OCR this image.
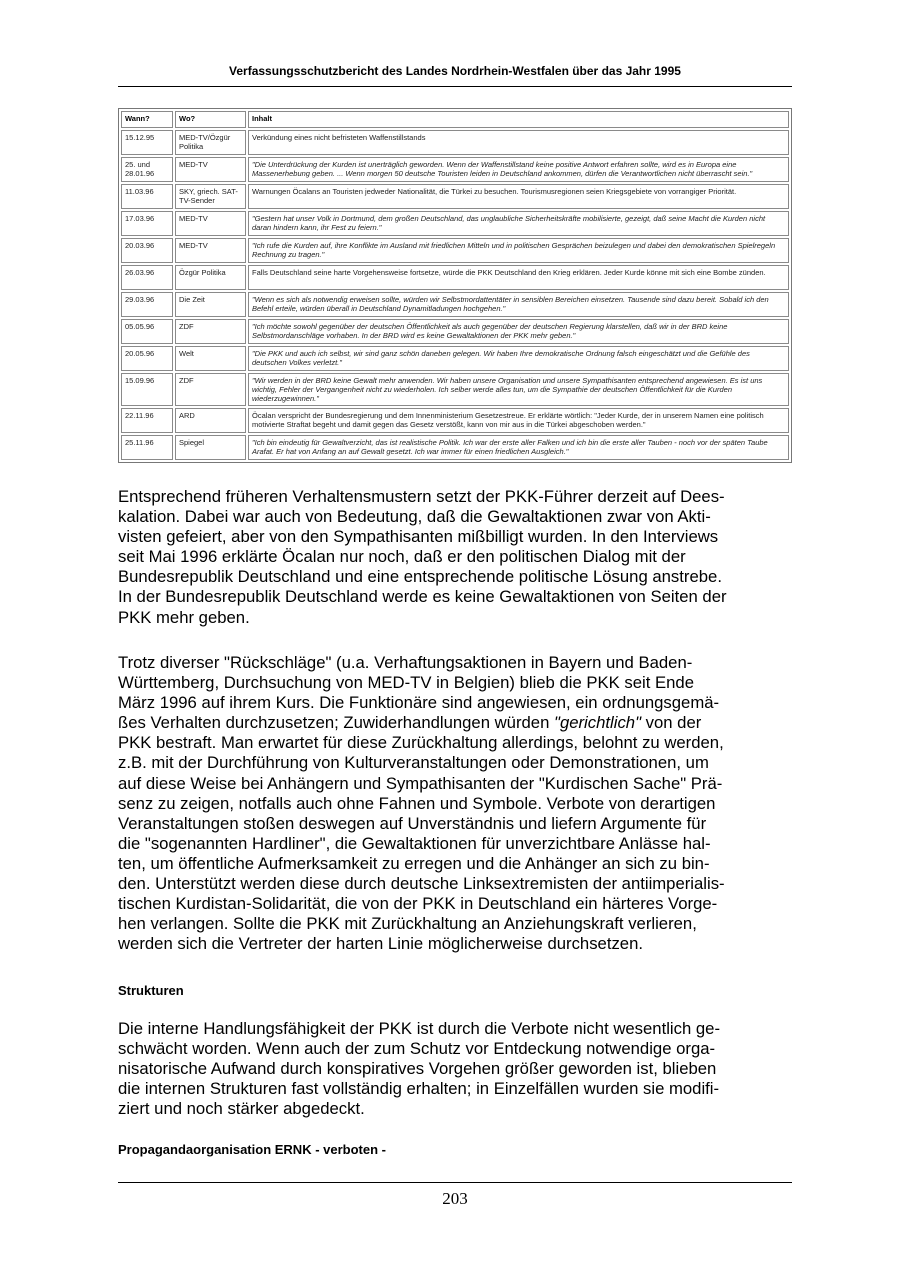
Verfassungsschutzbericht des Landes Nordrhein-Westfalen über das Jahr 1995
Wann?	Wo?	Inhalt
15.12.95	MED-TV/Özgür Politika	Verkündung eines nicht befristeten Waffenstillstands
25. und 28.01.96	MED-TV	"Die Unterdrückung der Kurden ist unerträglich geworden. Wenn der Waffenstillstand keine positive Antwort erfahren sollte, wird es in Europa eine Massenerhebung geben. ... Wenn morgen 50 deutsche Touristen leiden in Deutschland ankommen, dürfen die Verantwortlichen nicht überrascht sein."
11.03.96	SKY, griech. SAT-TV-Sender	Warnungen Öcalans an Touristen jedweder Nationalität, die Türkei zu besuchen. Tourismusregionen seien Kriegsgebiete von vorrangiger Priorität.
17.03.96	MED-TV	"Gestern hat unser Volk in Dortmund, dem großen Deutschland, das unglaubliche Sicherheitskräfte mobilisierte, gezeigt, daß seine Macht die Kurden nicht daran hindern kann, ihr Fest zu feiern."
20.03.96	MED-TV	"Ich rufe die Kurden auf, ihre Konflikte im Ausland mit friedlichen Mitteln und in politischen Gesprächen beizulegen und dabei den demokratischen Spielregeln Rechnung zu tragen."
26.03.96	Özgür Politika	Falls Deutschland seine harte Vorgehensweise fortsetze, würde die PKK Deutschland den Krieg erklären. Jeder Kurde könne mit sich eine Bombe zünden.
29.03.96	Die Zeit	"Wenn es sich als notwendig erweisen sollte, würden wir Selbstmordattentäter in sensiblen Bereichen einsetzen. Tausende sind dazu bereit. Sobald ich den Befehl erteile, würden überall in Deutschland Dynamitladungen hochgehen."
05.05.96	ZDF	"Ich möchte sowohl gegenüber der deutschen Öffentlichkeit als auch gegenüber der deutschen Regierung klarstellen, daß wir in der BRD keine Selbstmordanschläge vorhaben. In der BRD wird es keine Gewaltaktionen der PKK mehr geben."
20.05.96	Welt	"Die PKK und auch ich selbst, wir sind ganz schön daneben gelegen. Wir haben Ihre demokratische Ordnung falsch eingeschätzt und die Gefühle des deutschen Volkes verletzt."
15.09.96	ZDF	"Wir werden in der BRD keine Gewalt mehr anwenden. Wir haben unsere Organisation und unsere Sympathisanten entsprechend angewiesen. Es ist uns wichtig, Fehler der Vergangenheit nicht zu wiederholen. Ich selber werde alles tun, um die Sympathie der deutschen Öffentlichkeit für die Kurden wiederzugewinnen."
22.11.96	ARD	Öcalan verspricht der Bundesregierung und dem Innenministerium Gesetzestreue. Er erklärte wörtlich: "Jeder Kurde, der in unserem Namen eine politisch motivierte Straftat begeht und damit gegen das Gesetz verstößt, kann von mir aus in die Türkei abgeschoben werden."
25.11.96	Spiegel	"Ich bin eindeutig für Gewaltverzicht, das ist realistische Politik. Ich war der erste aller Falken und ich bin die erste aller Tauben - noch vor der späten Taube Arafat. Er hat von Anfang an auf Gewalt gesetzt. Ich war immer für einen friedlichen Ausgleich."
Entsprechend früheren Verhaltensmustern setzt der PKK-Führer derzeit auf Dees-
kalation. Dabei war auch von Bedeutung, daß die Gewaltaktionen zwar von Akti-
visten gefeiert, aber von den Sympathisanten mißbilligt wurden. In den Interviews
seit Mai 1996 erklärte Öcalan nur noch, daß er den politischen Dialog mit der
Bundesrepublik Deutschland und eine entsprechende politische Lösung anstrebe.
In der Bundesrepublik Deutschland werde es keine Gewaltaktionen von Seiten der
PKK mehr geben.
Trotz diverser "Rückschläge" (u.a. Verhaftungsaktionen in Bayern und Baden-
Württemberg, Durchsuchung von MED-TV in Belgien) blieb die PKK seit Ende
März 1996 auf ihrem Kurs. Die Funktionäre sind angewiesen, ein ordnungsgemä-
ßes Verhalten durchzusetzen; Zuwiderhandlungen würden "gerichtlich" von der
PKK bestraft. Man erwartet für diese Zurückhaltung allerdings, belohnt zu werden,
z.B. mit der Durchführung von Kulturveranstaltungen oder Demonstrationen, um
auf diese Weise bei Anhängern und Sympathisanten der "Kurdischen Sache" Prä-
senz zu zeigen, notfalls auch ohne Fahnen und Symbole. Verbote von derartigen
Veranstaltungen stoßen deswegen auf Unverständnis und liefern Argumente für
die "sogenannten Hardliner", die Gewaltaktionen für unverzichtbare Anlässe hal-
ten, um öffentliche Aufmerksamkeit zu erregen und die Anhänger an sich zu bin-
den. Unterstützt werden diese durch deutsche Linksextremisten der antiimperialis-
tischen Kurdistan-Solidarität, die von der PKK in Deutschland ein härteres Vorge-
hen verlangen. Sollte die PKK mit Zurückhaltung an Anziehungskraft verlieren,
werden sich die Vertreter der harten Linie möglicherweise durchsetzen.
Strukturen
Die interne Handlungsfähigkeit der PKK ist durch die Verbote nicht wesentlich ge-
schwächt worden. Wenn auch der zum Schutz vor Entdeckung notwendige orga-
nisatorische Aufwand durch konspiratives Vorgehen größer geworden ist, blieben
die internen Strukturen fast vollständig erhalten; in Einzelfällen wurden sie modifi-
ziert und noch stärker abgedeckt.
Propagandaorganisation ERNK - verboten -
203
